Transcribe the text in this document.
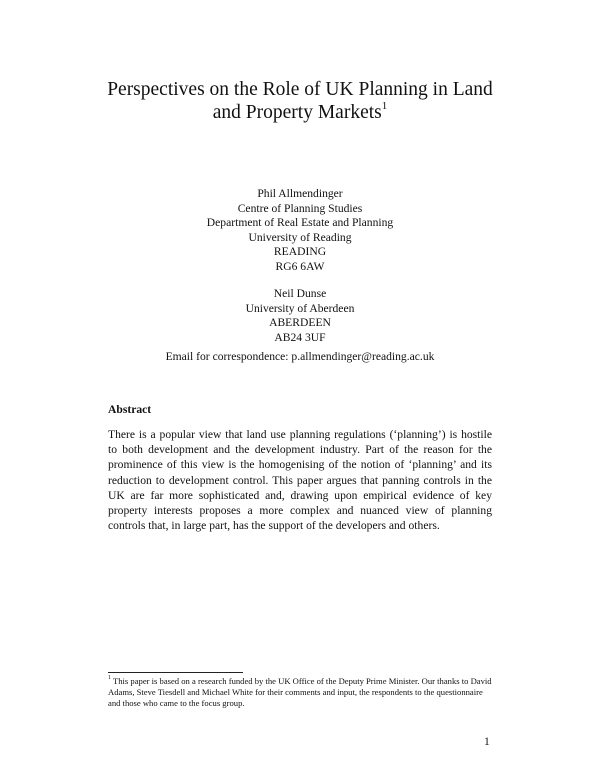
Perspectives on the Role of UK Planning in Land
and Property Markets$^1$
Phil Allmendinger
Centre of Planning Studies
Department of Real Estate and Planning
University of Reading
READING
RG6 6AW
Neil Dunse
University of Aberdeen
ABERDEEN
AB24 3UF
Email for correspondence: p.allmendinger@reading.ac.uk
Abstract
There is a popular view that land use planning regulations (‘planning’) is hostile to both development and the development industry. Part of the reason for the prominence of this view is the homogenising of the notion of ‘planning’ and its reduction to development control. This paper argues that panning controls in the UK are far more sophisticated and, drawing upon empirical evidence of key property interests proposes a more complex and nuanced view of planning controls that, in large part, has the support of the developers and others.
$^1$ This paper is based on a research funded by the UK Office of the Deputy Prime Minister. Our thanks to David Adams, Steve Tiesdell and Michael White for their comments and input, the respondents to the questionnaire and those who came to the focus group.
1
